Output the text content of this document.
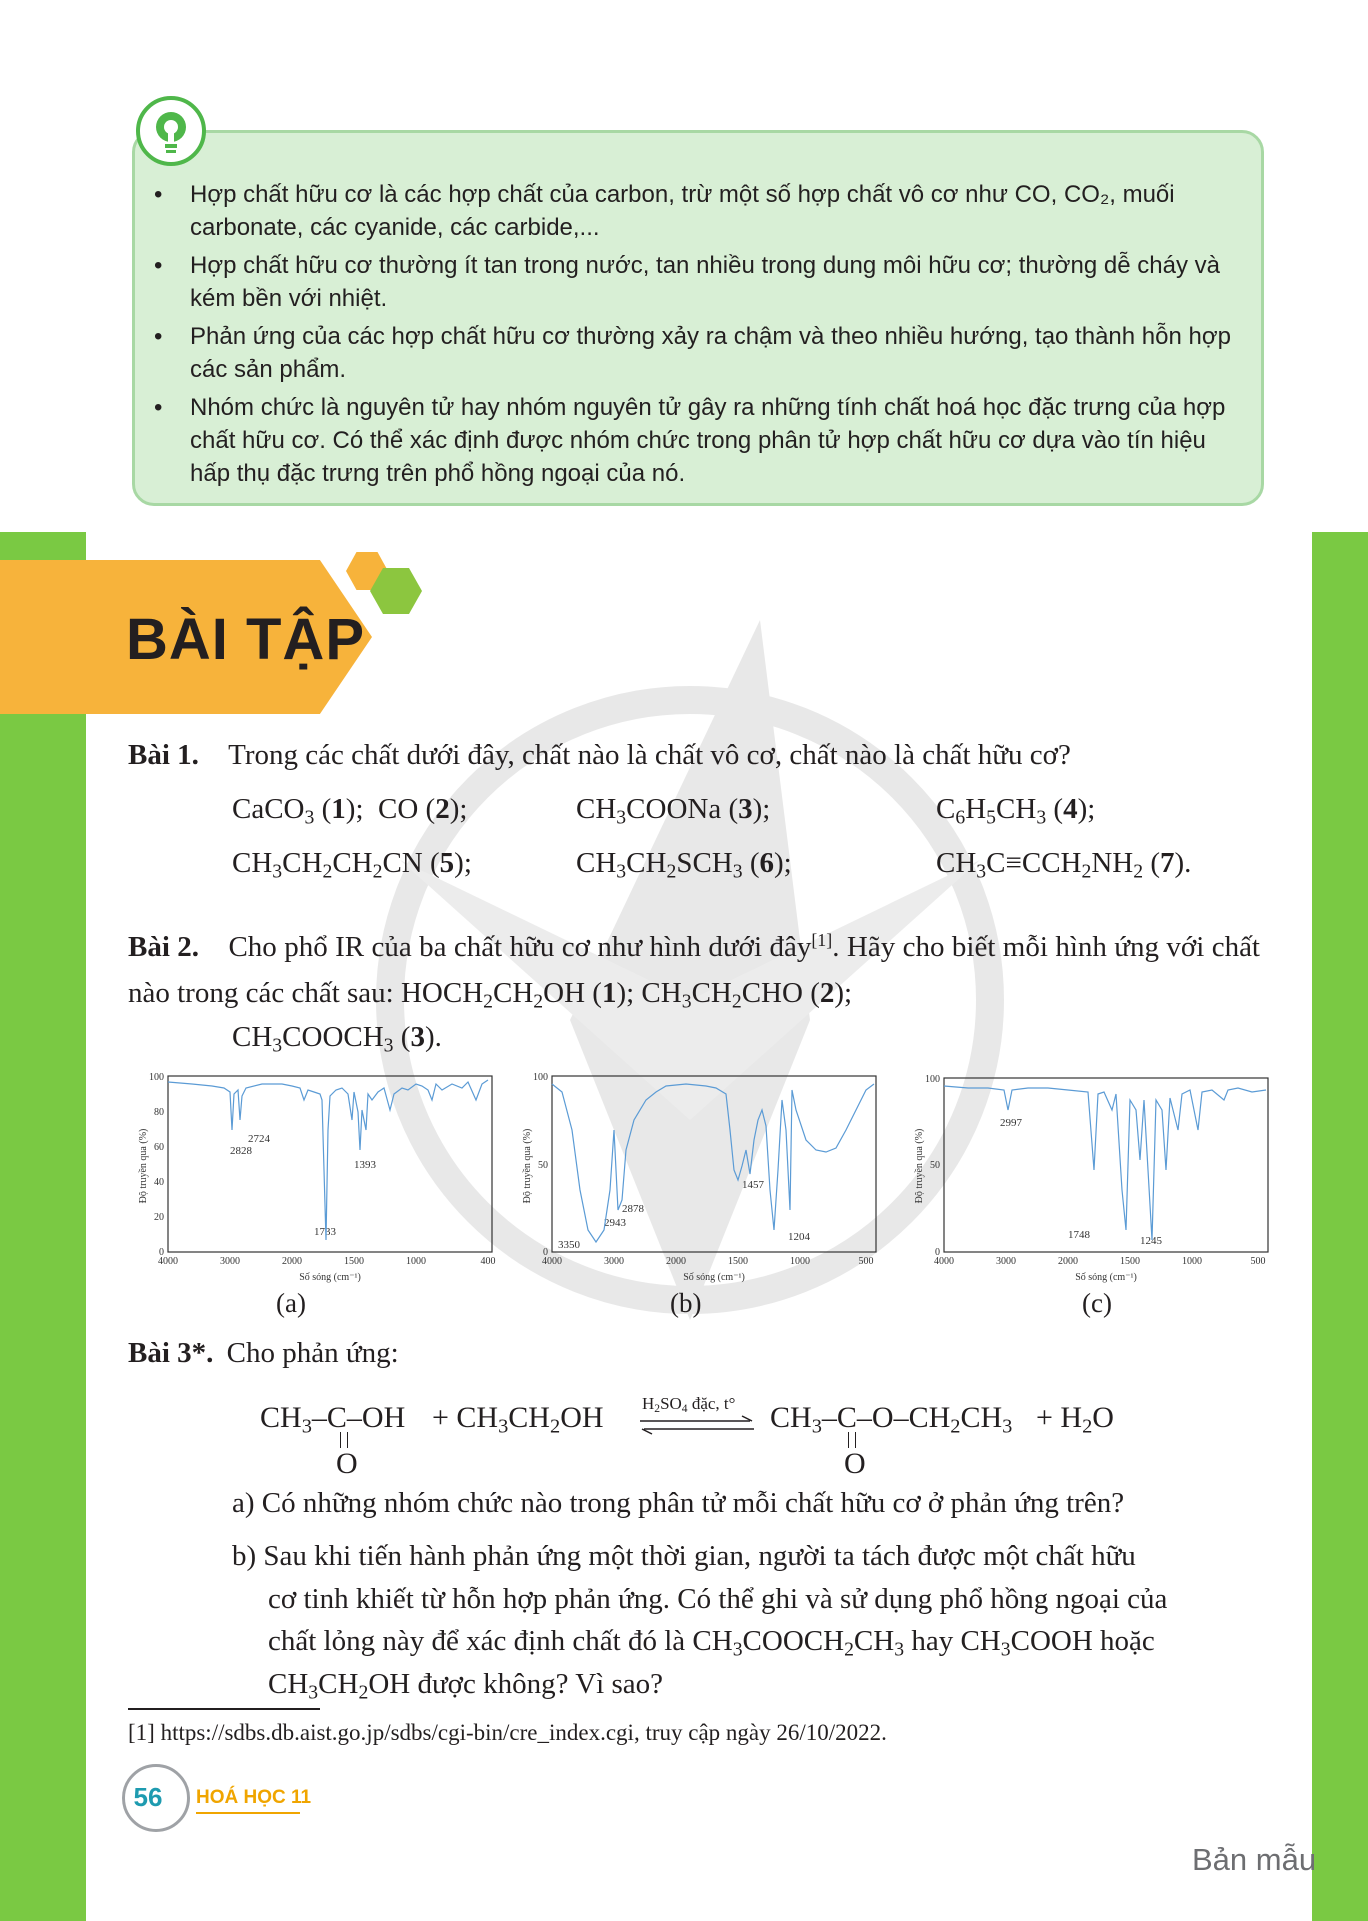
• Hợp chất hữu cơ là các hợp chất của carbon, trừ một số hợp chất vô cơ như CO, CO₂, muối carbonate, các cyanide, các carbide,...
• Hợp chất hữu cơ thường ít tan trong nước, tan nhiều trong dung môi hữu cơ; thường dễ cháy và kém bền với nhiệt.
• Phản ứng của các hợp chất hữu cơ thường xảy ra chậm và theo nhiều hướng, tạo thành hỗn hợp các sản phẩm.
• Nhóm chức là nguyên tử hay nhóm nguyên tử gây ra những tính chất hoá học đặc trưng của hợp chất hữu cơ. Có thể xác định được nhóm chức trong phân tử hợp chất hữu cơ dựa vào tín hiệu hấp thụ đặc trưng trên phổ hồng ngoại của nó.
BÀI TẬP
Bài 1. Trong các chất dưới đây, chất nào là chất vô cơ, chất nào là chất hữu cơ?
CaCO$_3$ (1);  CO (2);	$CH_3COONa$ (3);	$C_6H_5CH_3$ (4);
$CH_3CH_2CH_2CN$ (5);	$CH_3CH_2SCH_3$ (6);	$CH_3C\equiv CCH_2NH_2$ (7).
Bài 2. Cho phổ IR của ba chất hữu cơ như hình dưới đây[1]. Hãy cho biết mỗi hình ứng với chất nào trong các chất sau: $HOCH_2CH_2OH$ (1); $CH_3CH_2CHO$ (2);
$CH_3COOCH_3$ (3).
100
80
60
40
20
0
4000	3000	2000	1500	1000	400
Số sóng (cm⁻¹)
Độ truyền qua (%)	2724
2828
1733
1393
100
50
0
4000	3000	2000	1500	1000	500
Số sóng (cm⁻¹)
Độ truyền qua (%)
3350
2943
2878
1457
1204
100
50
0
4000	3000	2000	1500	1000	500
Số sóng (cm⁻¹)
Độ truyền qua (%)
2997
1748	1245
(a)	(b)	(c)
Bài 3*. Cho phản ứng:
$CH_3-C-OH$
O
+ $CH_3CH_2OH$ $H_2SO_4$ đặc, t° $CH_3-C-O-CH_2CH_3$
O
+ $H_2O$
a) Có những nhóm chức nào trong phân tử mỗi chất hữu cơ ở phản ứng trên?
b) Sau khi tiến hành phản ứng một thời gian, người ta tách được một chất hữu
cơ tinh khiết từ hỗn hợp phản ứng. Có thể ghi và sử dụng phổ hồng ngoại của
chất lỏng này để xác định chất đó là $CH_3COOCH_2CH_3$ hay $CH_3COOH$ hoặc
$CH_3CH_2OH$ được không? Vì sao?
[1] https://sdbs.db.aist.go.jp/sdbs/cgi-bin/cre_index.cgi, truy cập ngày 26/10/2022.
56 HOÁ HỌC 11
Bản mẫu
